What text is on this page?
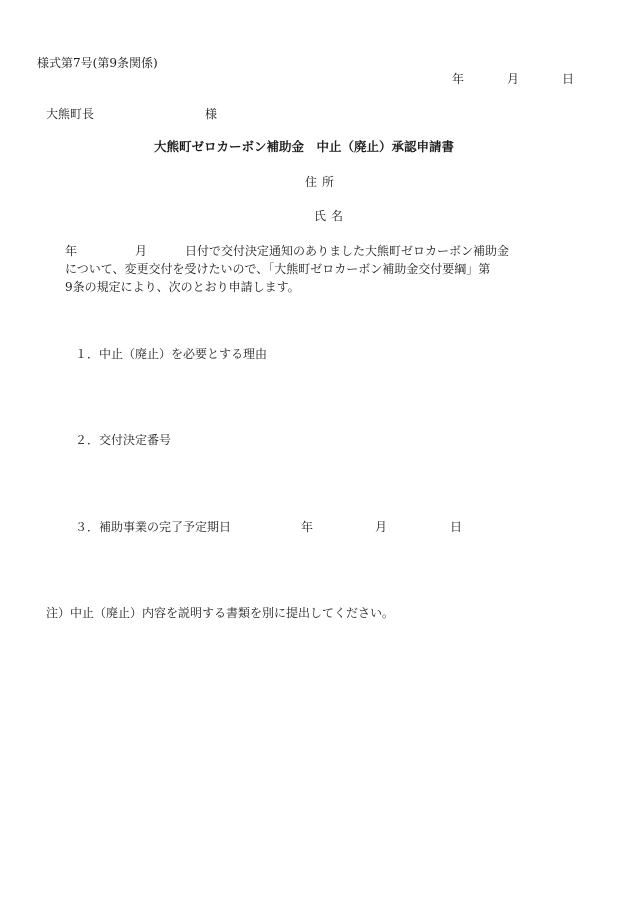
様式第7号(第9条関係)
年	月	日
大熊町長	様
大熊町ゼロカーボン補助金　中止（廃止）承認申請書
住所
氏名
年	月	日付で交付決定通知のありました大熊町ゼロカーボン補助金
について、変更交付を受けたいので、「大熊町ゼロカーボン補助金交付要綱」第
9条の規定により、次のとおり申請します。
１．中止（廃止）を必要とする理由
２．交付決定番号
３．補助事業の完了予定期日	年	月	日
注）中止（廃止）内容を説明する書類を別に提出してください。
